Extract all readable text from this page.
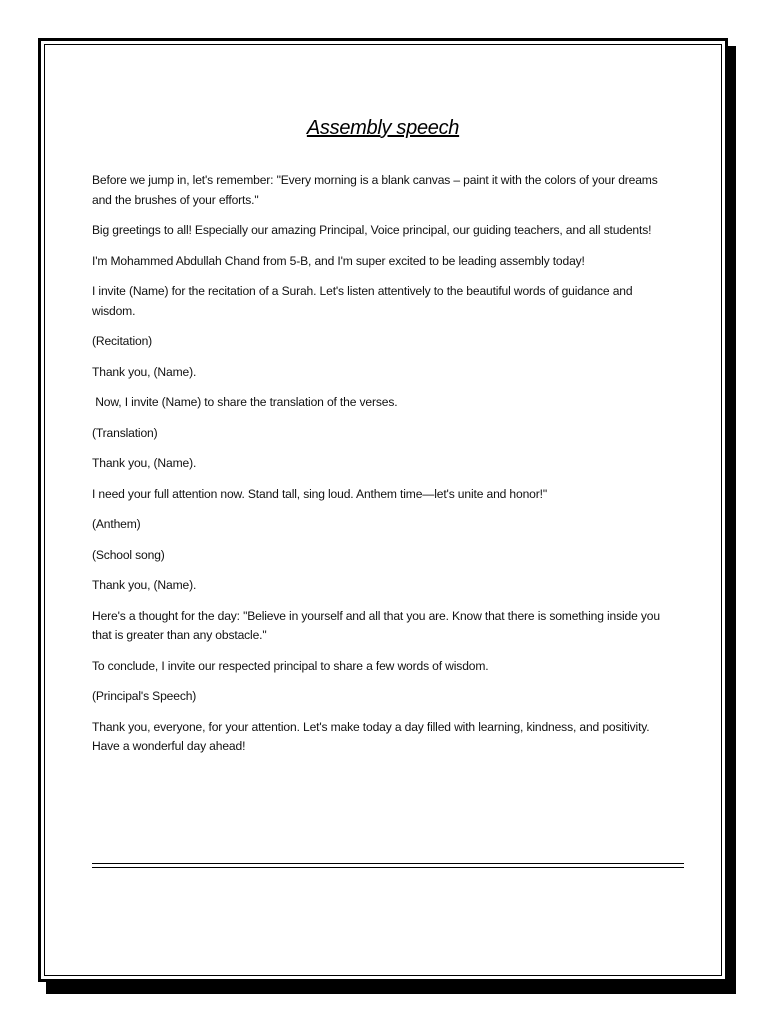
Assembly speech

Before we jump in, let's remember: "Every morning is a blank canvas – paint it with the colors of your dreams and the brushes of your efforts."

Big greetings to all! Especially our amazing Principal, Voice principal, our guiding teachers, and all students!

I'm Mohammed Abdullah Chand from 5-B, and I'm super excited to be leading assembly today!

I invite (Name) for the recitation of a Surah. Let's listen attentively to the beautiful words of guidance and wisdom.

(Recitation)

Thank you, (Name).

Now, I invite (Name) to share the translation of the verses.

(Translation)

Thank you, (Name).

I need your full attention now. Stand tall, sing loud. Anthem time—let's unite and honor!"

(Anthem)

(School song)

Thank you, (Name).

Here's a thought for the day: "Believe in yourself and all that you are. Know that there is something inside you that is greater than any obstacle."

To conclude, I invite our respected principal to share a few words of wisdom.

(Principal's Speech)

Thank you, everyone, for your attention. Let's make today a day filled with learning, kindness, and positivity. Have a wonderful day ahead!
